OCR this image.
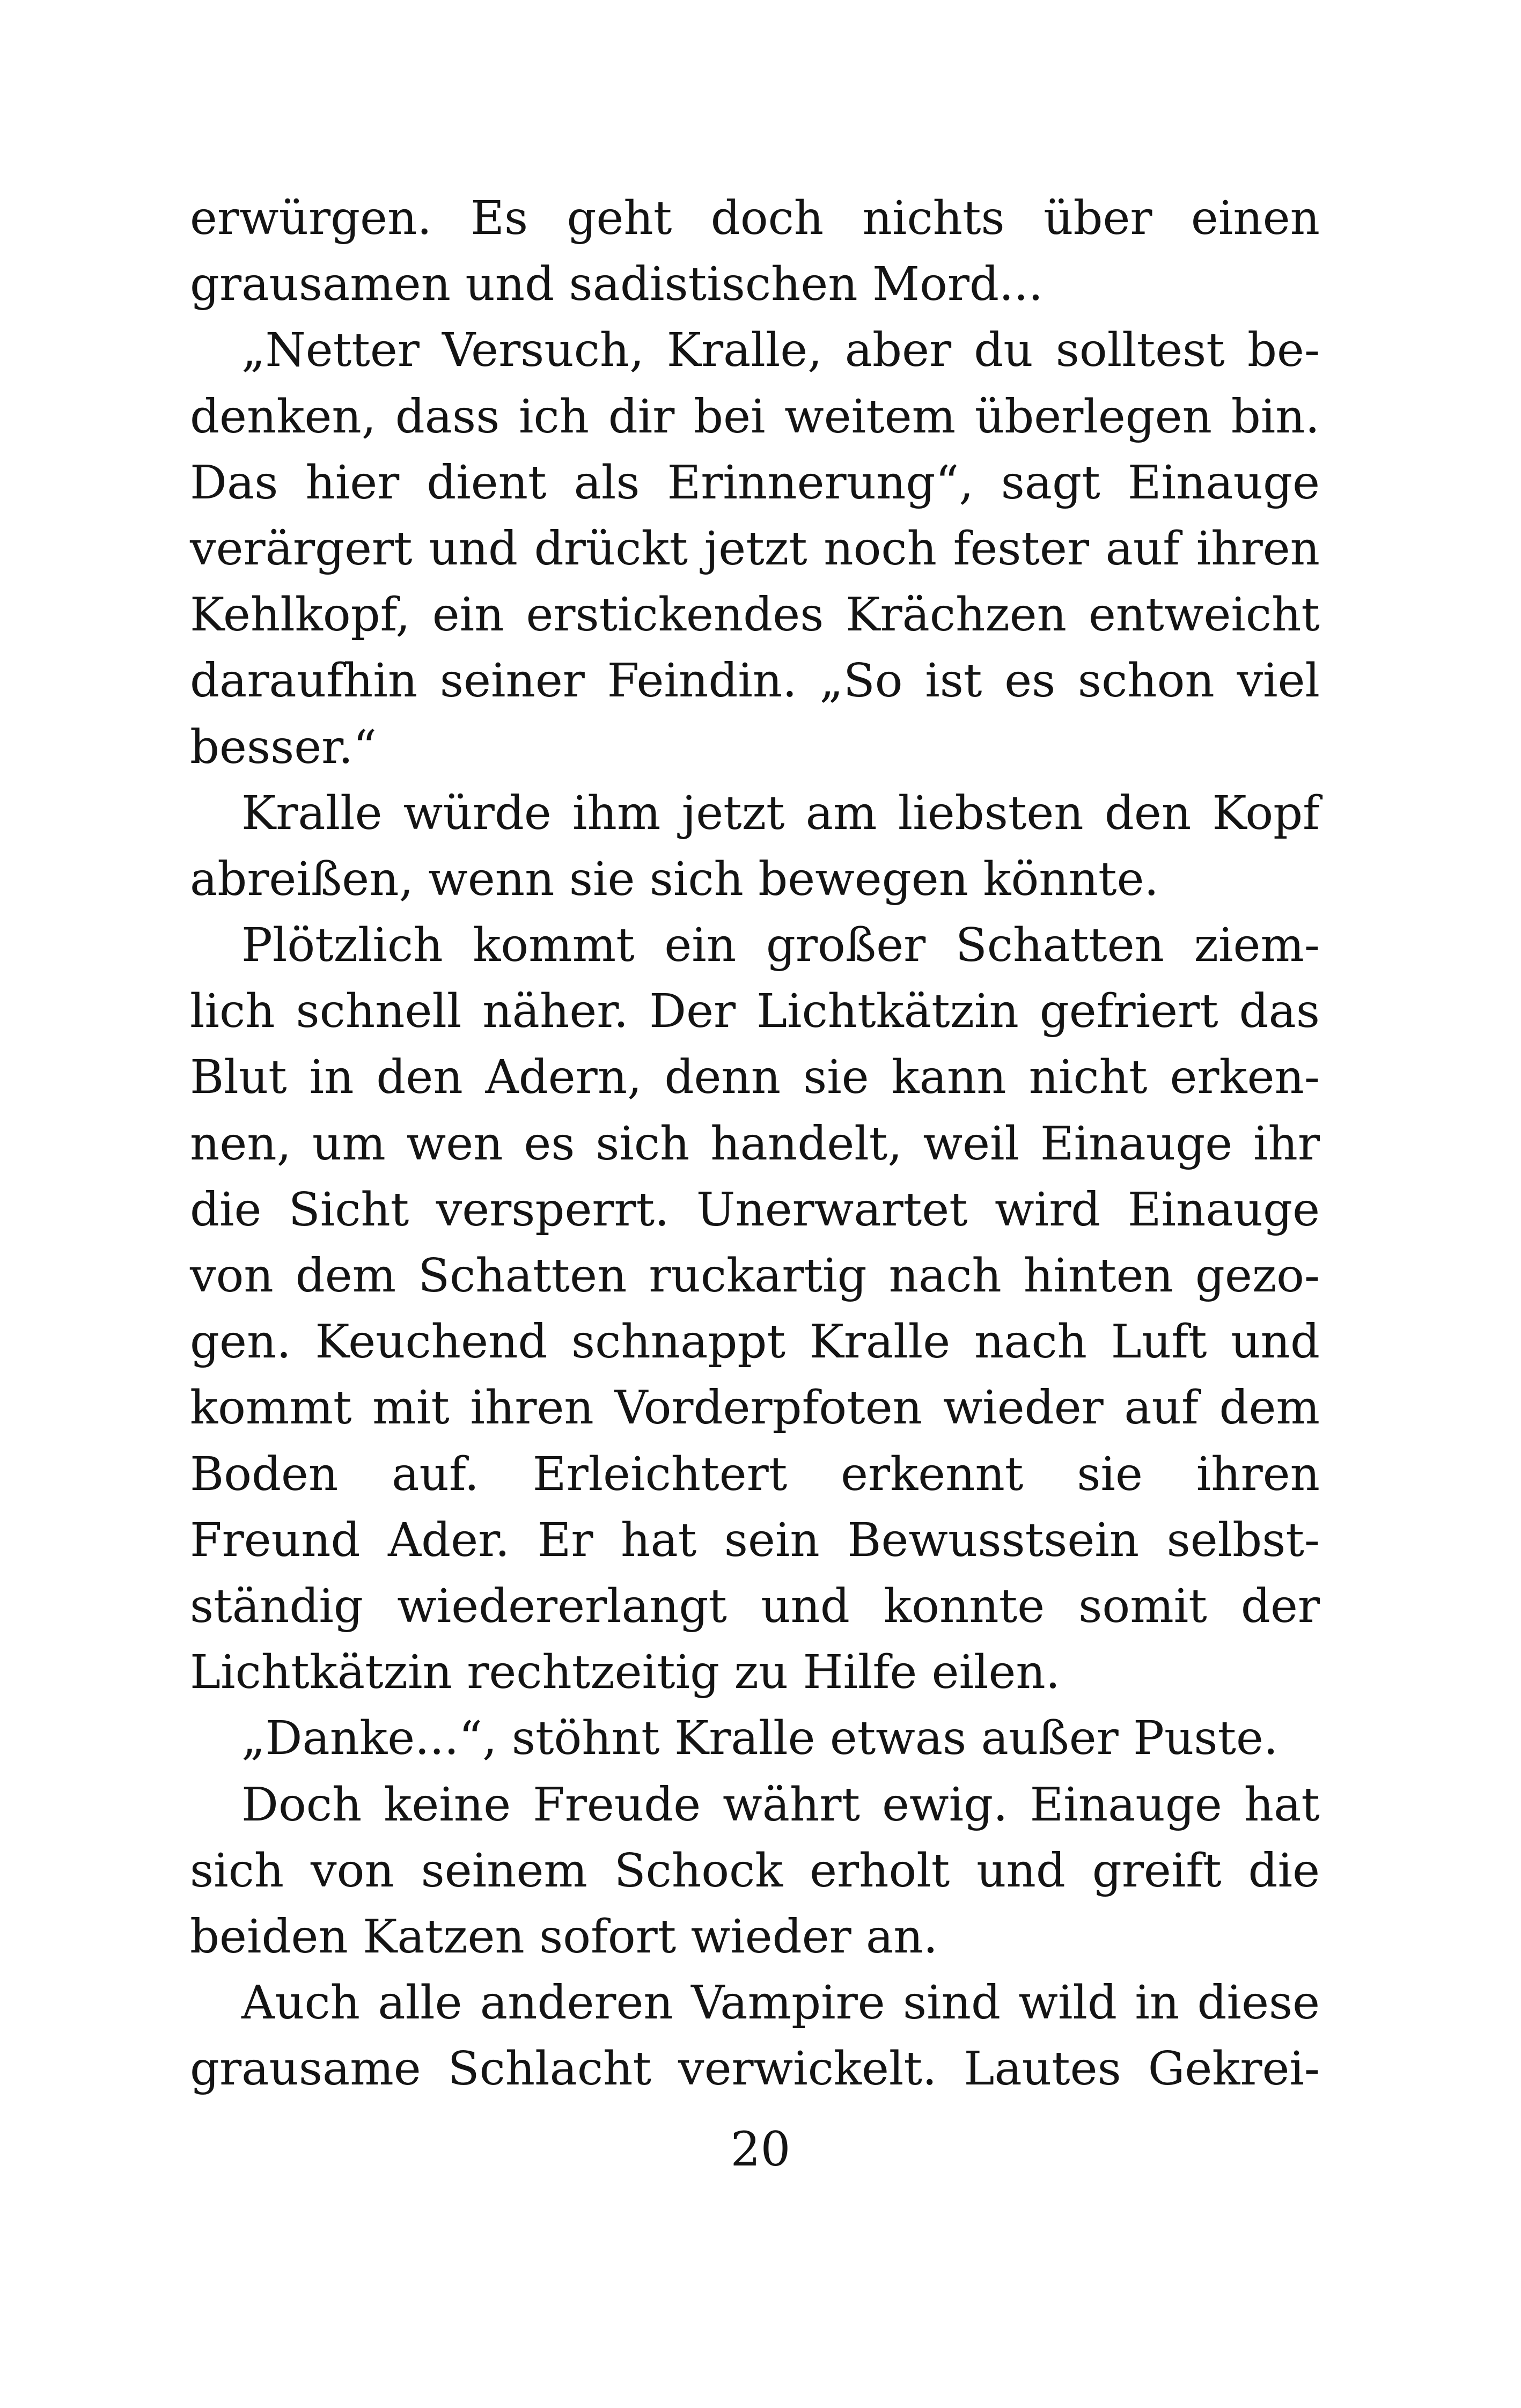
erwürgen. Es geht doch nichts über einen
grausamen und sadistischen Mord...
„Netter Versuch, Kralle, aber du solltest be-
denken, dass ich dir bei weitem überlegen bin.
Das hier dient als Erinnerung“, sagt Einauge
verärgert und drückt jetzt noch fester auf ihren
Kehlkopf, ein erstickendes Krächzen entweicht
daraufhin seiner Feindin. „So ist es schon viel
besser.“
Kralle würde ihm jetzt am liebsten den Kopf
abreißen, wenn sie sich bewegen könnte.
Plötzlich kommt ein großer Schatten ziem-
lich schnell näher. Der Lichtkätzin gefriert das
Blut in den Adern, denn sie kann nicht erken-
nen, um wen es sich handelt, weil Einauge ihr
die Sicht versperrt. Unerwartet wird Einauge
von dem Schatten ruckartig nach hinten gezo-
gen. Keuchend schnappt Kralle nach Luft und
kommt mit ihren Vorderpfoten wieder auf dem
Boden auf. Erleichtert erkennt sie ihren
Freund Ader. Er hat sein Bewusstsein selbst-
ständig wiedererlangt und konnte somit der
Lichtkätzin rechtzeitig zu Hilfe eilen.
„Danke...“, stöhnt Kralle etwas außer Puste.
Doch keine Freude währt ewig. Einauge hat
sich von seinem Schock erholt und greift die
beiden Katzen sofort wieder an.
Auch alle anderen Vampire sind wild in diese
grausame Schlacht verwickelt. Lautes Gekrei-
20
